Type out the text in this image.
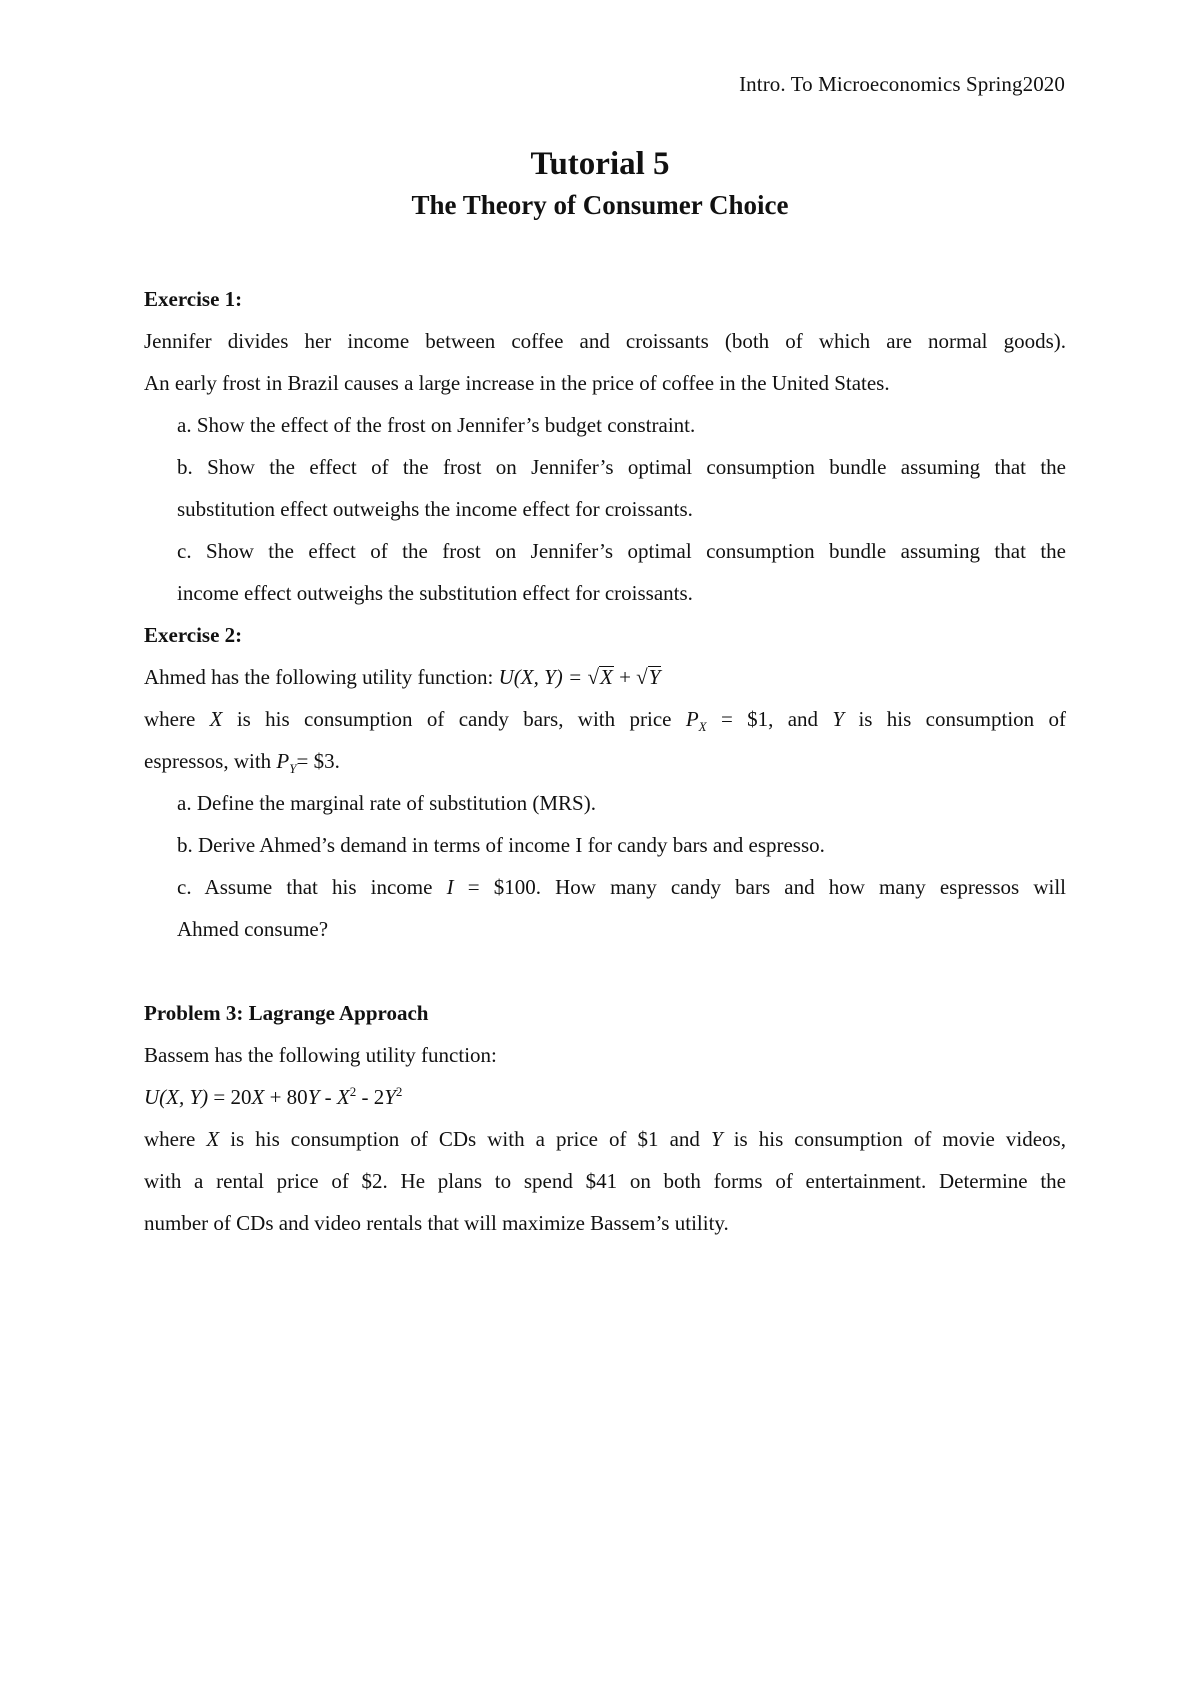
Intro. To Microeconomics Spring2020
Tutorial 5
The Theory of Consumer Choice
Exercise 1:
Jennifer divides her income between coffee and croissants (both of which are normal goods).
An early frost in Brazil causes a large increase in the price of coffee in the United States.
a. Show the effect of the frost on Jennifer’s budget constraint.
b. Show the effect of the frost on Jennifer’s optimal consumption bundle assuming that the
substitution effect outweighs the income effect for croissants.
c. Show the effect of the frost on Jennifer’s optimal consumption bundle assuming that the
income effect outweighs the substitution effect for croissants.
Exercise 2:
Ahmed has the following utility function: U(X, Y) = √X + √Y
where X is his consumption of candy bars, with price $P_X$ = $1, and Y is his consumption of
espressos, with $P_Y=$ $3.
a. Define the marginal rate of substitution (MRS).
b. Derive Ahmed’s demand in terms of income I for candy bars and espresso.
c. Assume that his income I = $100. How many candy bars and how many espressos will
Ahmed consume?
Problem 3: Lagrange Approach
Bassem has the following utility function:
U(X, $Y) = 20X + 80Y - X^2 - 2Y^2$
where X is his consumption of CDs with a price of $1 and Y is his consumption of movie videos,
with a rental price of $2. He plans to spend $41 on both forms of entertainment. Determine the
number of CDs and video rentals that will maximize Bassem’s utility.
